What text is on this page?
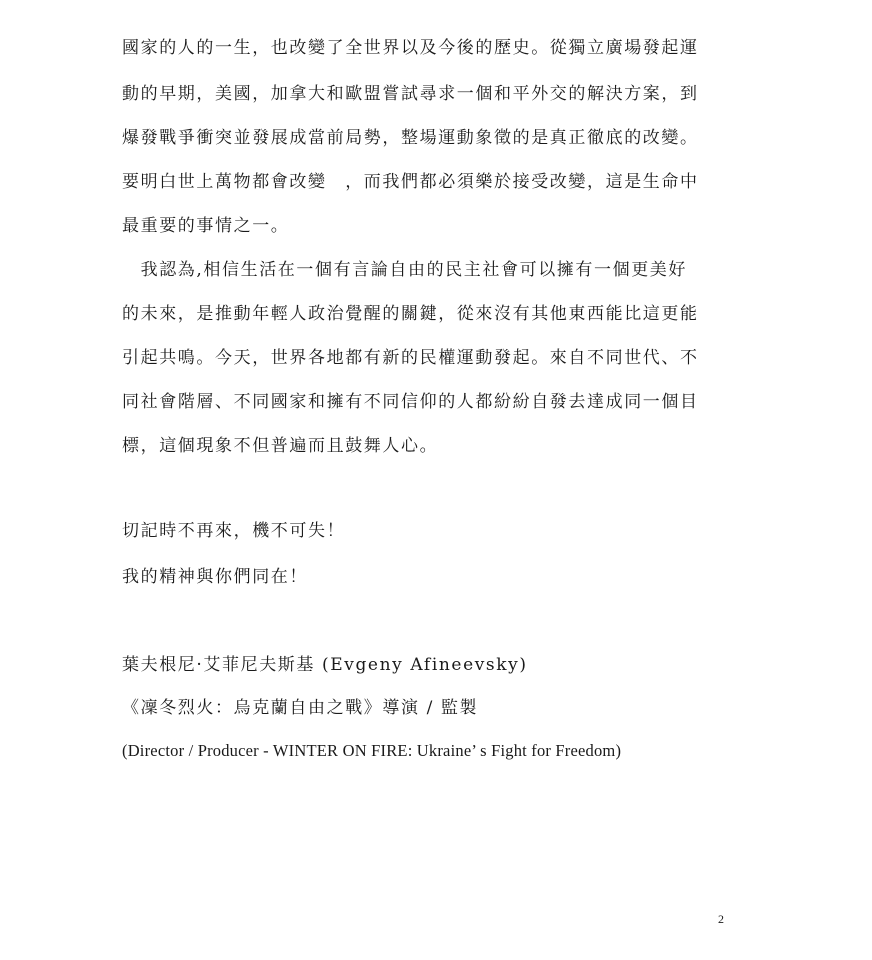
國家的人的一生，也改變了全世界以及今後的歷史。從獨立廣場發起運
動的早期，美國，加拿大和歐盟嘗試尋求一個和平外交的解決方案，到
爆發戰爭衝突並發展成當前局勢，整場運動象徵的是真正徹底的改變。
要明白世上萬物都會改變　，而我們都必須樂於接受改變，這是生命中
最重要的事情之一。
　我認為,相信生活在一個有言論自由的民主社會可以擁有一個更美好
的未來，是推動年輕人政治覺醒的關鍵，從來沒有其他東西能比這更能
引起共鳴。今天，世界各地都有新的民權運動發起。來自不同世代、不
同社會階層、不同國家和擁有不同信仰的人都紛紛自發去達成同一個目
標，這個現象不但普遍而且鼓舞人心。
切記時不再來，機不可失！
我的精神與你們同在！
葉夫根尼·艾菲尼夫斯基 (Evgeny Afineevsky)
《凜冬烈火：烏克蘭自由之戰》導演 / 監製
(Director / Producer - WINTER ON FIRE: Ukraine’ s Fight for Freedom)
2
